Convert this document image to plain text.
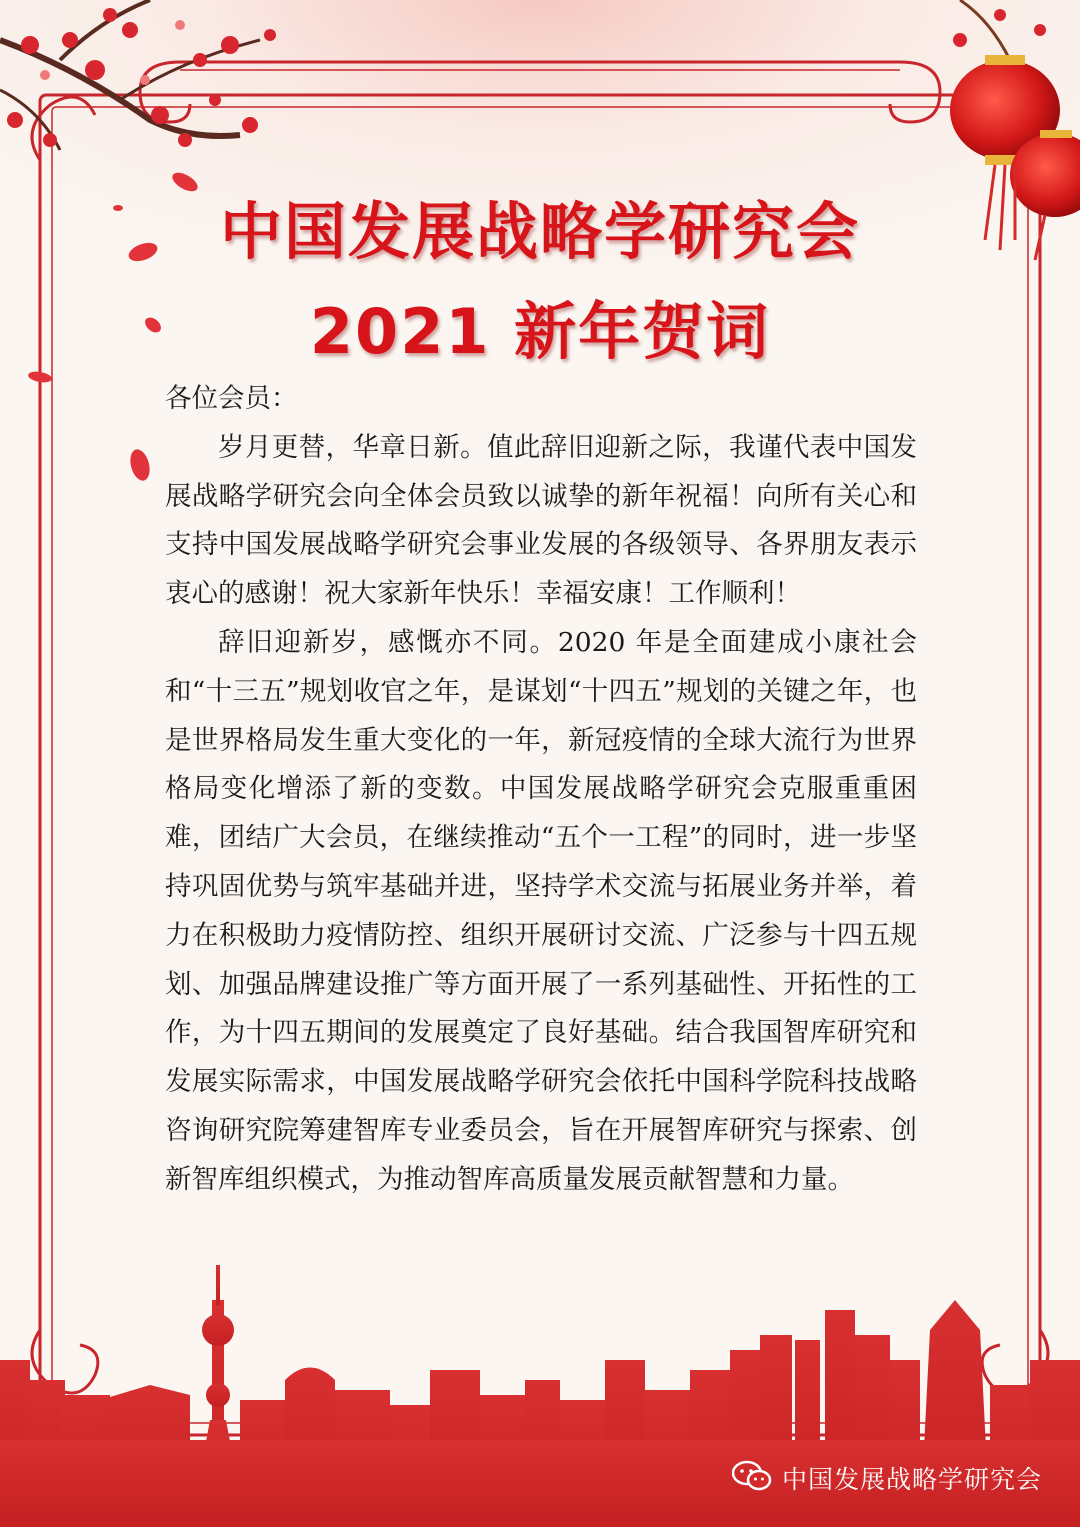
中国发展战略学研究会
2021 新年贺词

各位会员：

岁月更替，华章日新。值此辞旧迎新之际，我谨代表中国发展战略学研究会向全体会员致以诚挚的新年祝福！向所有关心和支持中国发展战略学研究会事业发展的各级领导、各界朋友表示衷心的感谢！祝大家新年快乐！幸福安康！工作顺利！

辞旧迎新岁，感慨亦不同。2020 年是全面建成小康社会和“十三五”规划收官之年，是谋划“十四五”规划的关键之年，也是世界格局发生重大变化的一年，新冠疫情的全球大流行为世界格局变化增添了新的变数。中国发展战略学研究会克服重重困难，团结广大会员，在继续推动“五个一工程”的同时，进一步坚持巩固优势与筑牢基础并进，坚持学术交流与拓展业务并举，着力在积极助力疫情防控、组织开展研讨交流、广泛参与十四五规划、加强品牌建设推广等方面开展了一系列基础性、开拓性的工作，为十四五期间的发展奠定了良好基础。结合我国智库研究和发展实际需求，中国发展战略学研究会依托中国科学院科技战略咨询研究院筹建智库专业委员会，旨在开展智库研究与探索、创新智库组织模式，为推动智库高质量发展贡献智慧和力量。

中国发展战略学研究会
